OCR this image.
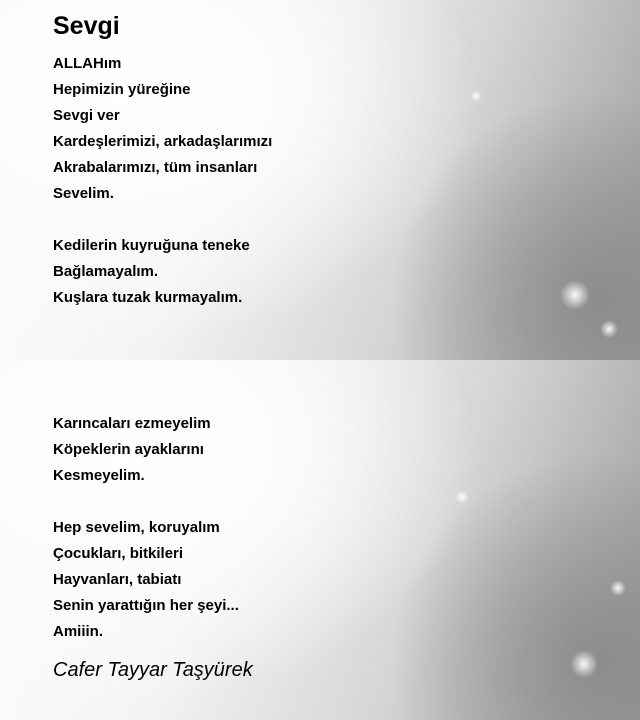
Sevgi
ALLAHım
Hepimizin yüreğine
Sevgi ver
Kardeşlerimizi, arkadaşlarımızı
Akrabalarımızı, tüm insanları
Sevelim.
Kedilerin kuyruğuna teneke
Bağlamayalım.
Kuşlara tuzak kurmayalım.
Karıncaları ezmeyelim
Köpeklerin ayaklarını
Kesmeyelim.
Hep sevelim, koruyalım
Çocukları, bitkileri
Hayvanları, tabiatı
Senin yarattığın her şeyi...
Amiiin.
Cafer Tayyar Taşyürek
